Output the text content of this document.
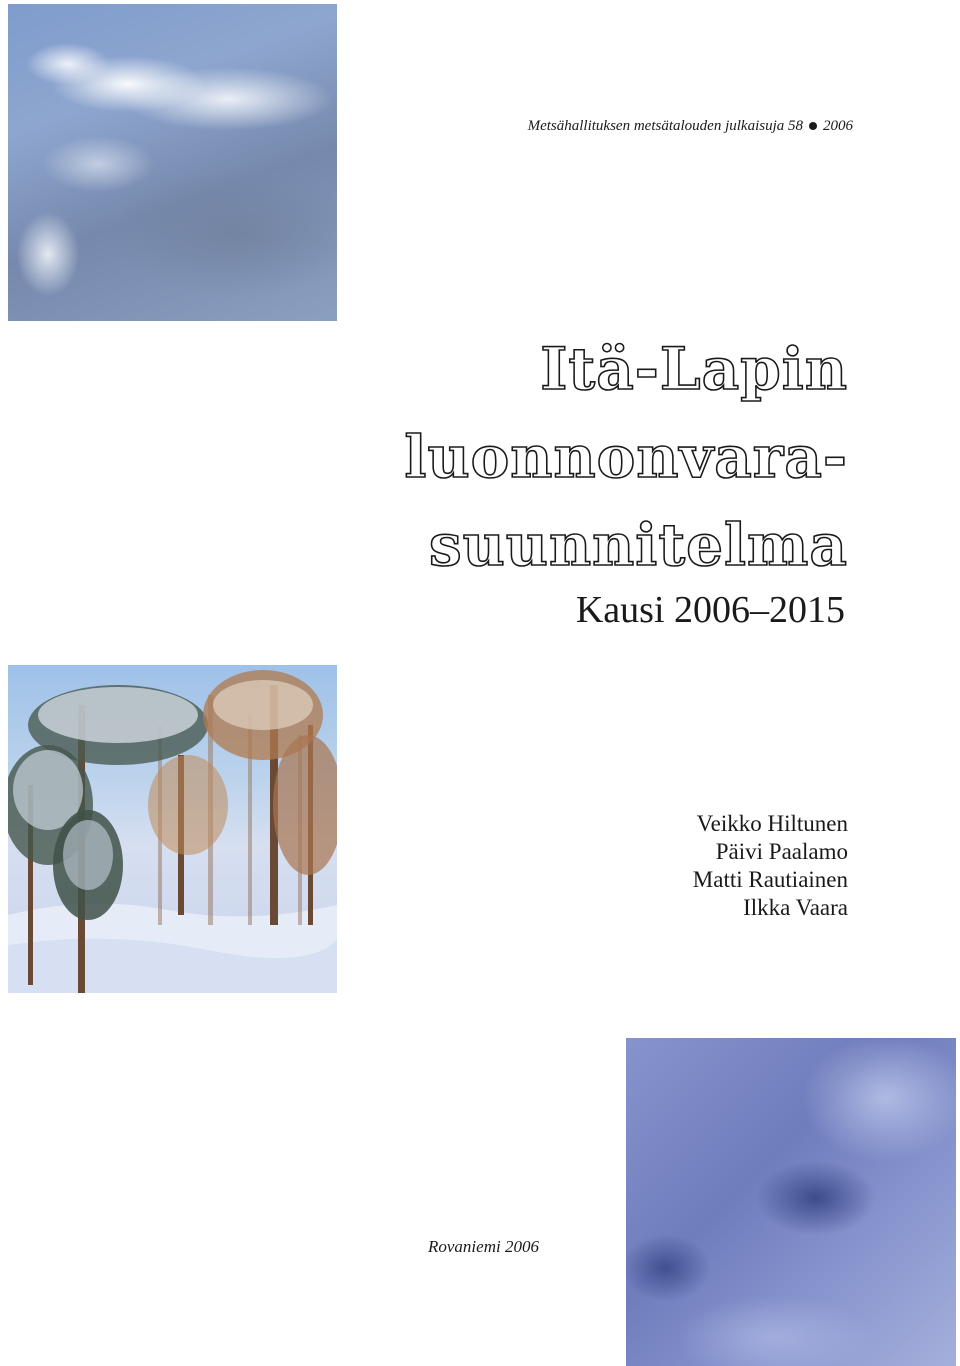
Metsähallituksen metsätalouden julkaisuja 58 2006
Itä-Lapin
luonnonvara-
suunnitelma
Kausi 2006–2015
Veikko Hiltunen
Päivi Paalamo
Matti Rautiainen
Ilkka Vaara
Rovaniemi 2006
